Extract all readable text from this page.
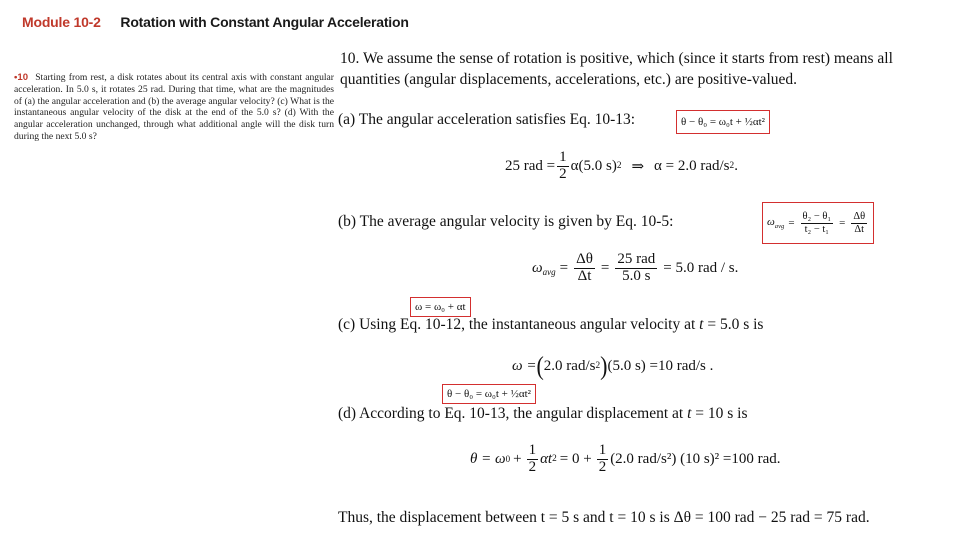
Module 10-2 Rotation with Constant Angular Acceleration
•10 Starting from rest, a disk rotates about its central axis with constant angular acceleration. In 5.0 s, it rotates 25 rad. During that time, what are the magnitudes of (a) the angular acceleration and (b) the average angular velocity? (c) What is the instantaneous angular velocity of the disk at the end of the 5.0 s? (d) With the angular acceleration unchanged, through what additional angle will the disk turn during the next 5.0 s?
10. We assume the sense of rotation is positive, which (since it starts from rest) means all
quantities (angular displacements, accelerations, etc.) are positive-valued.
(a) The angular acceleration satisfies Eq. 10-13:	θ − θ₀ = ω₀t + ½αt²
25 rad = $\frac{1}{2} \alpha(5.0$ s) 2 ⇒ α = 2.0 rad/s 2 .
(b) The average angular velocity is given by Eq. 10-5:	$\omega_{avg} = \frac{\text{θ₂ − θ₁}}{\text{t₂ − t₁}} = \frac{\Delta\theta}{\Delta t}$
$\omega_{avg} = \frac{\Delta\theta}{\Delta t} = \frac{\text{25 rad}}{5.0 s} = 5.0$ rad / s.
ω = ω₀ + αt
(c) Using Eq. 10-12, the instantaneous angular velocity at t = 5.0 s is
ω = ( 2.0 rad/s 2 ) (5.0 s) =10 rad/s .
θ − θ₀ = ω₀t + ½αt²
(d) According to Eq. 10-13, the angular displacement at t = 10 s is
θ = ω $0 + \frac{1}{2}$ αt $2 = 0 + \frac{1}{2} (2.0$ rad/s²) (10 s)² =100 rad.
Thus, the displacement between t = 5 s and t = 10 s is Δθ = 100 rad − 25 rad = 75 rad.
